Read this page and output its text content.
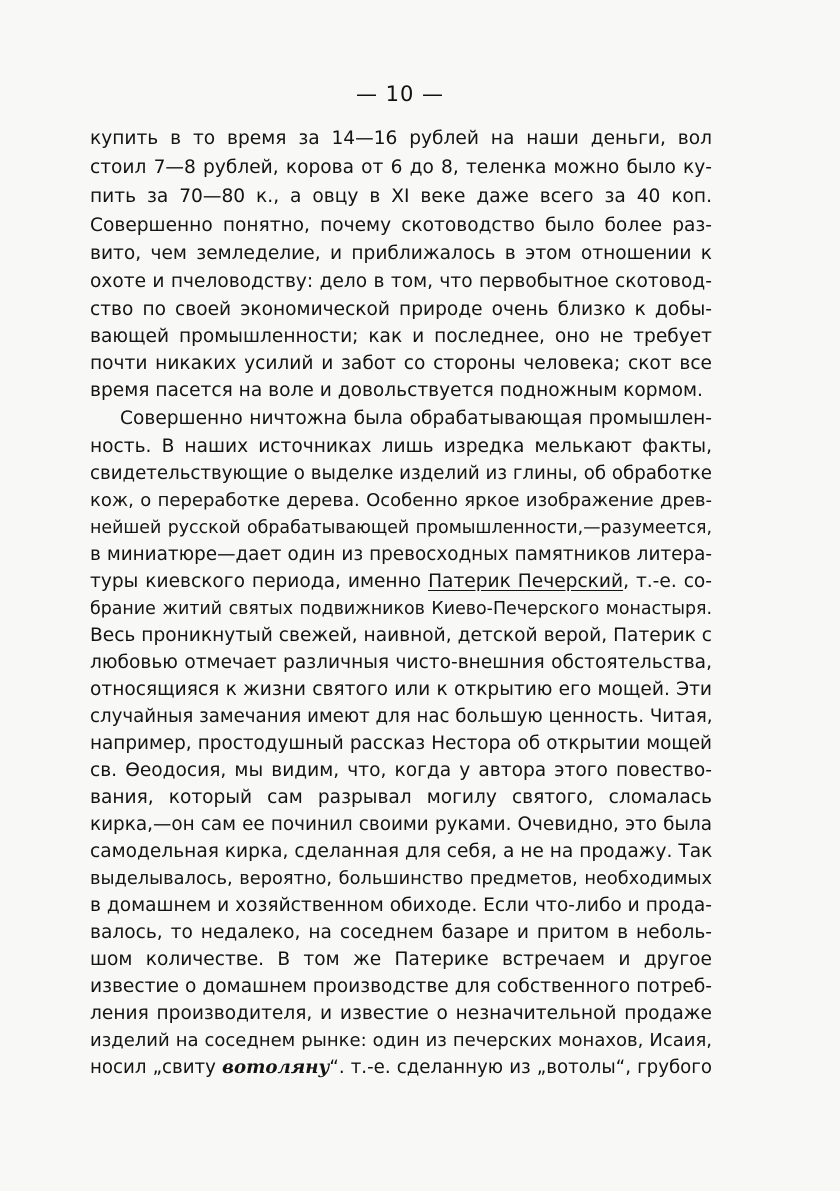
— 10 —
купить в то время за 14—16 рублей на наши деньги, вол
стоил 7—8 рублей, корова от 6 до 8, теленка можно было ку-
пить за 70—80 к., а овцу в XI веке даже всего за 40 коп.
Совершенно понятно, почему скотоводство было более раз-
вито, чем земледелие, и приближалось в этом отношении к
охоте и пчеловодству: дело в том, что первобытное скотовод-
ство по своей экономической природе очень близко к добы-
вающей промышленности; как и последнее, оно не требует
почти никаких усилий и забот со стороны человека; скот все
время пасется на воле и довольствуется подножным кормом.
Совершенно ничтожна была обрабатывающая промышлен-
ность. В наших источниках лишь изредка мелькают факты,
свидетельствующие о выделке изделий из глины, об обработке
кож, о переработке дерева. Особенно яркое изображение древ-
нейшей русской обрабатывающей промышленности,—разумеется,
в миниатюре—дает один из превосходных памятников литера-
туры киевского периода, именно Патерик Печерский, т.-е. со-
брание житий святых подвижников Киево-Печерского монастыря.
Весь проникнутый свежей, наивной, детской верой, Патерик с
любовью отмечает различныя чисто-внешния обстоятельства,
относящияся к жизни святого или к открытию его мощей. Эти
случайныя замечания имеют для нас большую ценность. Читая,
например, простодушный рассказ Нестора об открытии мощей
св. Өеодосия, мы видим, что, когда у автора этого повество-
вания, который сам разрывал могилу святого, сломалась
кирка,—он сам ее починил своими руками. Очевидно, это была
самодельная кирка, сделанная для себя, а не на продажу. Так
выделывалось, вероятно, большинство предметов, необходимых
в домашнем и хозяйственном обиходе. Если что-либо и прода-
валось, то недалеко, на соседнем базаре и притом в неболь-
шом количестве. В том же Патерике встречаем и другое
известие о домашнем производстве для собственного потреб-
ления производителя, и известие о незначительной продаже
изделий на соседнем рынке: один из печерских монахов, Исаия,
носил „свиту вотоляну“. т.-е. сделанную из „вотолы“, грубого
